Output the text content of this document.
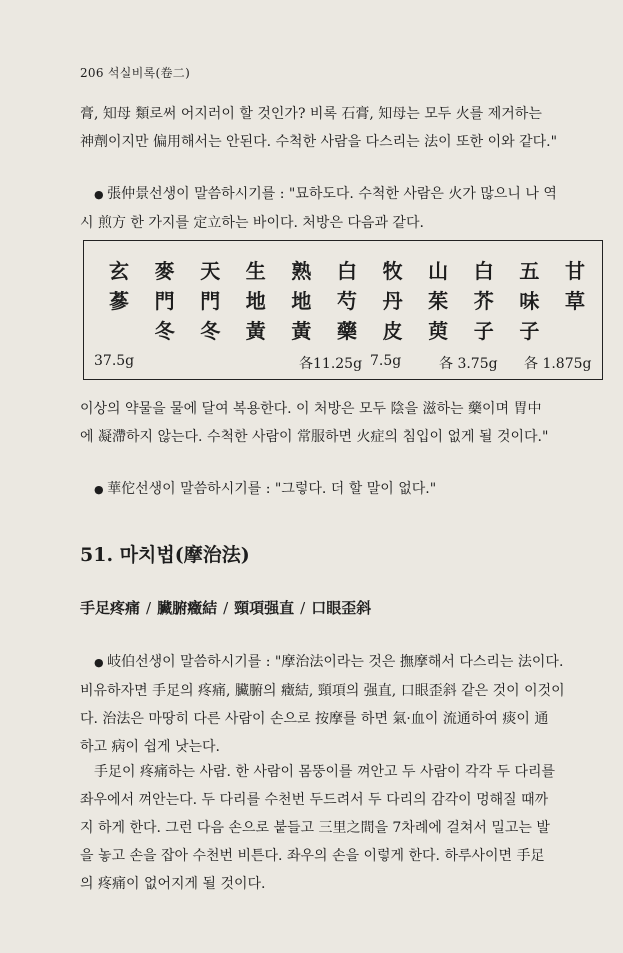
206 석실비록(卷二)
膏, 知母 類로써 어지러이 할 것인가? 비록 石膏, 知母는 모두 火를 제거하는
神劑이지만 偏用해서는 안된다. 수척한 사람을 다스리는 法이 또한 이와 같다."
● 張仲景선생이 말씀하시기를 : "묘하도다. 수척한 사람은 火가 많으니 나 역
시 煎方 한 가지를 定立하는 바이다. 처방은 다음과 같다.
玄 麥 天 生 熟 白 牧 山 白 五 甘
蔘 門 門 地 地 芍 丹 茱 芥 味 草
冬 冬 黃 黃 藥 皮 萸 子 子
37.5g	各11.25g 7.5g	各 3.75g 各 1.875g
이상의 약물을 물에 달여 복용한다. 이 처방은 모두 陰을 滋하는 藥이며 胃中
에 凝滯하지 않는다. 수척한 사람이 常服하면 火症의 침입이 없게 될 것이다."
● 華佗선생이 말씀하시기를 : "그렇다. 더 할 말이 없다."
51. 마치법(摩治法)
手足疼痛 / 臟腑癥結 / 頸項强直 / 口眼歪斜
● 岐伯선생이 말씀하시기를 : "摩治法이라는 것은 撫摩해서 다스리는 法이다.
비유하자면 手足의 疼痛, 臟腑의 癥結, 頸項의 强直, 口眼歪斜 같은 것이 이것이
다. 治法은 마땅히 다른 사람이 손으로 按摩를 하면 氣·血이 流通하여 痰이 通
하고 病이 쉽게 낫는다.
手足이 疼痛하는 사람. 한 사람이 몸뚱이를 껴안고 두 사람이 각각 두 다리를
좌우에서 껴안는다. 두 다리를 수천번 두드려서 두 다리의 감각이 멍해질 때까
지 하게 한다. 그런 다음 손으로 붙들고 三里之間을 7차례에 걸쳐서 밀고는 발
을 놓고 손을 잡아 수천번 비튼다. 좌우의 손을 이렇게 한다. 하루사이면 手足
의 疼痛이 없어지게 될 것이다.
